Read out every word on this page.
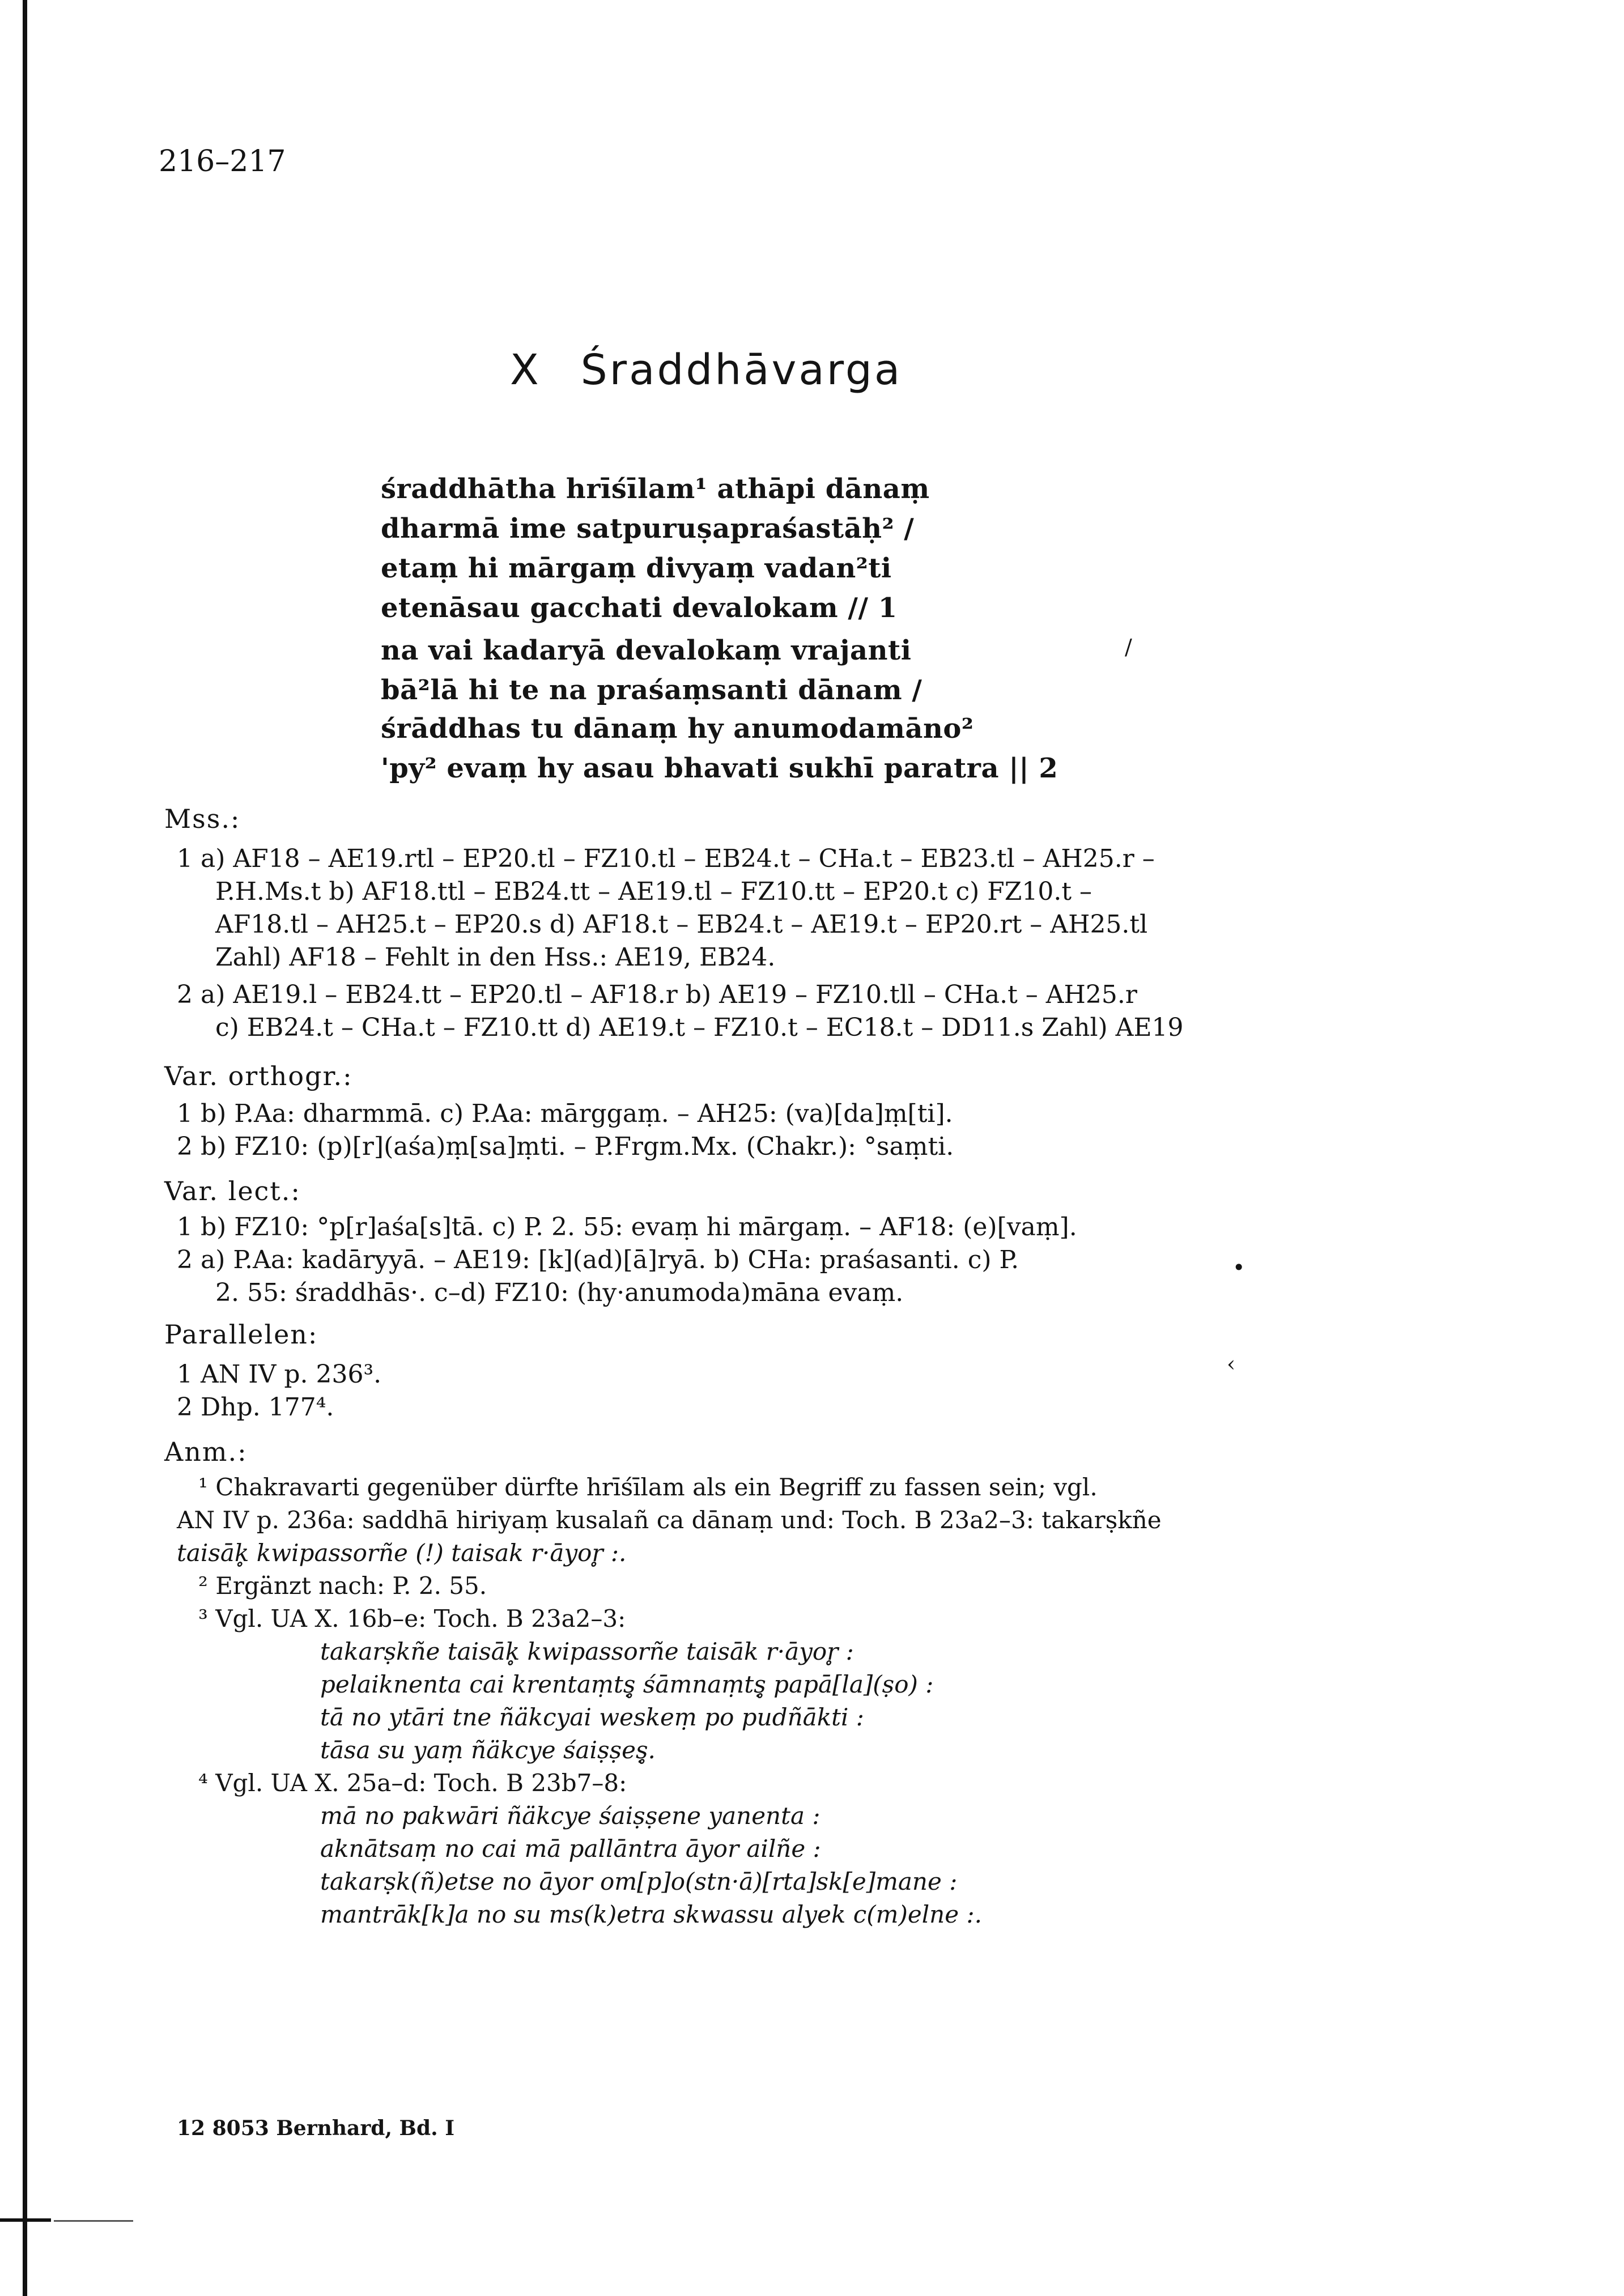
216–217
X Śraddhāvarga
śraddhātha hrīśīlam¹ athāpi dānaṃ
dharmā ime satpuruṣapraśastāḥ² /
etaṃ hi mārgaṃ divyaṃ vadan²ti
etenāsau gacchati devalokam // 1
na vai kadaryā devalokaṃ vrajanti
bā²lā hi te na praśaṃsanti dānam /
śrāddhas tu dānaṃ hy anumodamāno²
'py² evaṃ hy asau bhavati sukhī paratra || 2
/
Mss.:
1 a) AF18 – AE19.rtl – EP20.tl – FZ10.tl – EB24.t – CHa.t – EB23.tl – AH25.r –
P.H.Ms.t b) AF18.ttl – EB24.tt – AE19.tl – FZ10.tt – EP20.t c) FZ10.t –
AF18.tl – AH25.t – EP20.s d) AF18.t – EB24.t – AE19.t – EP20.rt – AH25.tl
Zahl) AF18 – Fehlt in den Hss.: AE19, EB24.
2 a) AE19.l – EB24.tt – EP20.tl – AF18.r b) AE19 – FZ10.tll – CHa.t – AH25.r
c) EB24.t – CHa.t – FZ10.tt d) AE19.t – FZ10.t – EC18.t – DD11.s Zahl) AE19
Var. orthogr.:
1 b) P.Aa: dharmmā. c) P.Aa: mārggaṃ. – AH25: (va)[da]ṃ[ti].
2 b) FZ10: (p)[r](aśa)ṃ[sa]ṃti. – P.Frgm.Mx. (Chakr.): °saṃti.
Var. lect.:
1 b) FZ10: °p[r]aśa[s]tā. c) P. 2. 55: evaṃ hi mārgaṃ. – AF18: (e)[vaṃ].
2 a) P.Aa: kadāryyā. – AE19: [k](ad)[ā]ryā. b) CHa: praśasanti. c) P.
2. 55: śraddhās·. c–d) FZ10: (hy·anumoda)māna evaṃ.
•
Parallelen:
1 AN IV p. 236³.
2 Dhp. 177⁴.
‹
Anm.:
¹ Chakravarti gegenüber dürfte hrīśīlam als ein Begriff zu fassen sein; vgl.
AN IV p. 236a: saddhā hiriyaṃ kusalañ ca dānaṃ und: Toch. B 23a2–3: takarṣkñe
taisāk̥ kwipassorñe (!) taisak r·āyor̥ :.
² Ergänzt nach: P. 2. 55.
³ Vgl. UA X. 16b–e: Toch. B 23a2–3:
takarṣkñe taisāk̥ kwipassorñe taisāk r·āyor̥ :
pelaiknenta cai krentaṃtṣ̥ śāmnaṃtṣ̥ papā[la](ṣo) :
tā no ytāri tne ñäkcyai weskeṃ po pudñākti :
tāsa su yaṃ ñäkcye śaiṣṣeṣ̥.
⁴ Vgl. UA X. 25a–d: Toch. B 23b7–8:
mā no pakwāri ñäkcye śaiṣṣene yanenta :
aknātsaṃ no cai mā pallāntra āyor ailñe :
takarṣk(ñ)etse no āyor om[p]o(stn·ā)[rta]sk[e]mane :
mantrāk[k]a no su ms(k)etra skwassu alyek c(m)elne :.
12 8053 Bernhard, Bd. I
